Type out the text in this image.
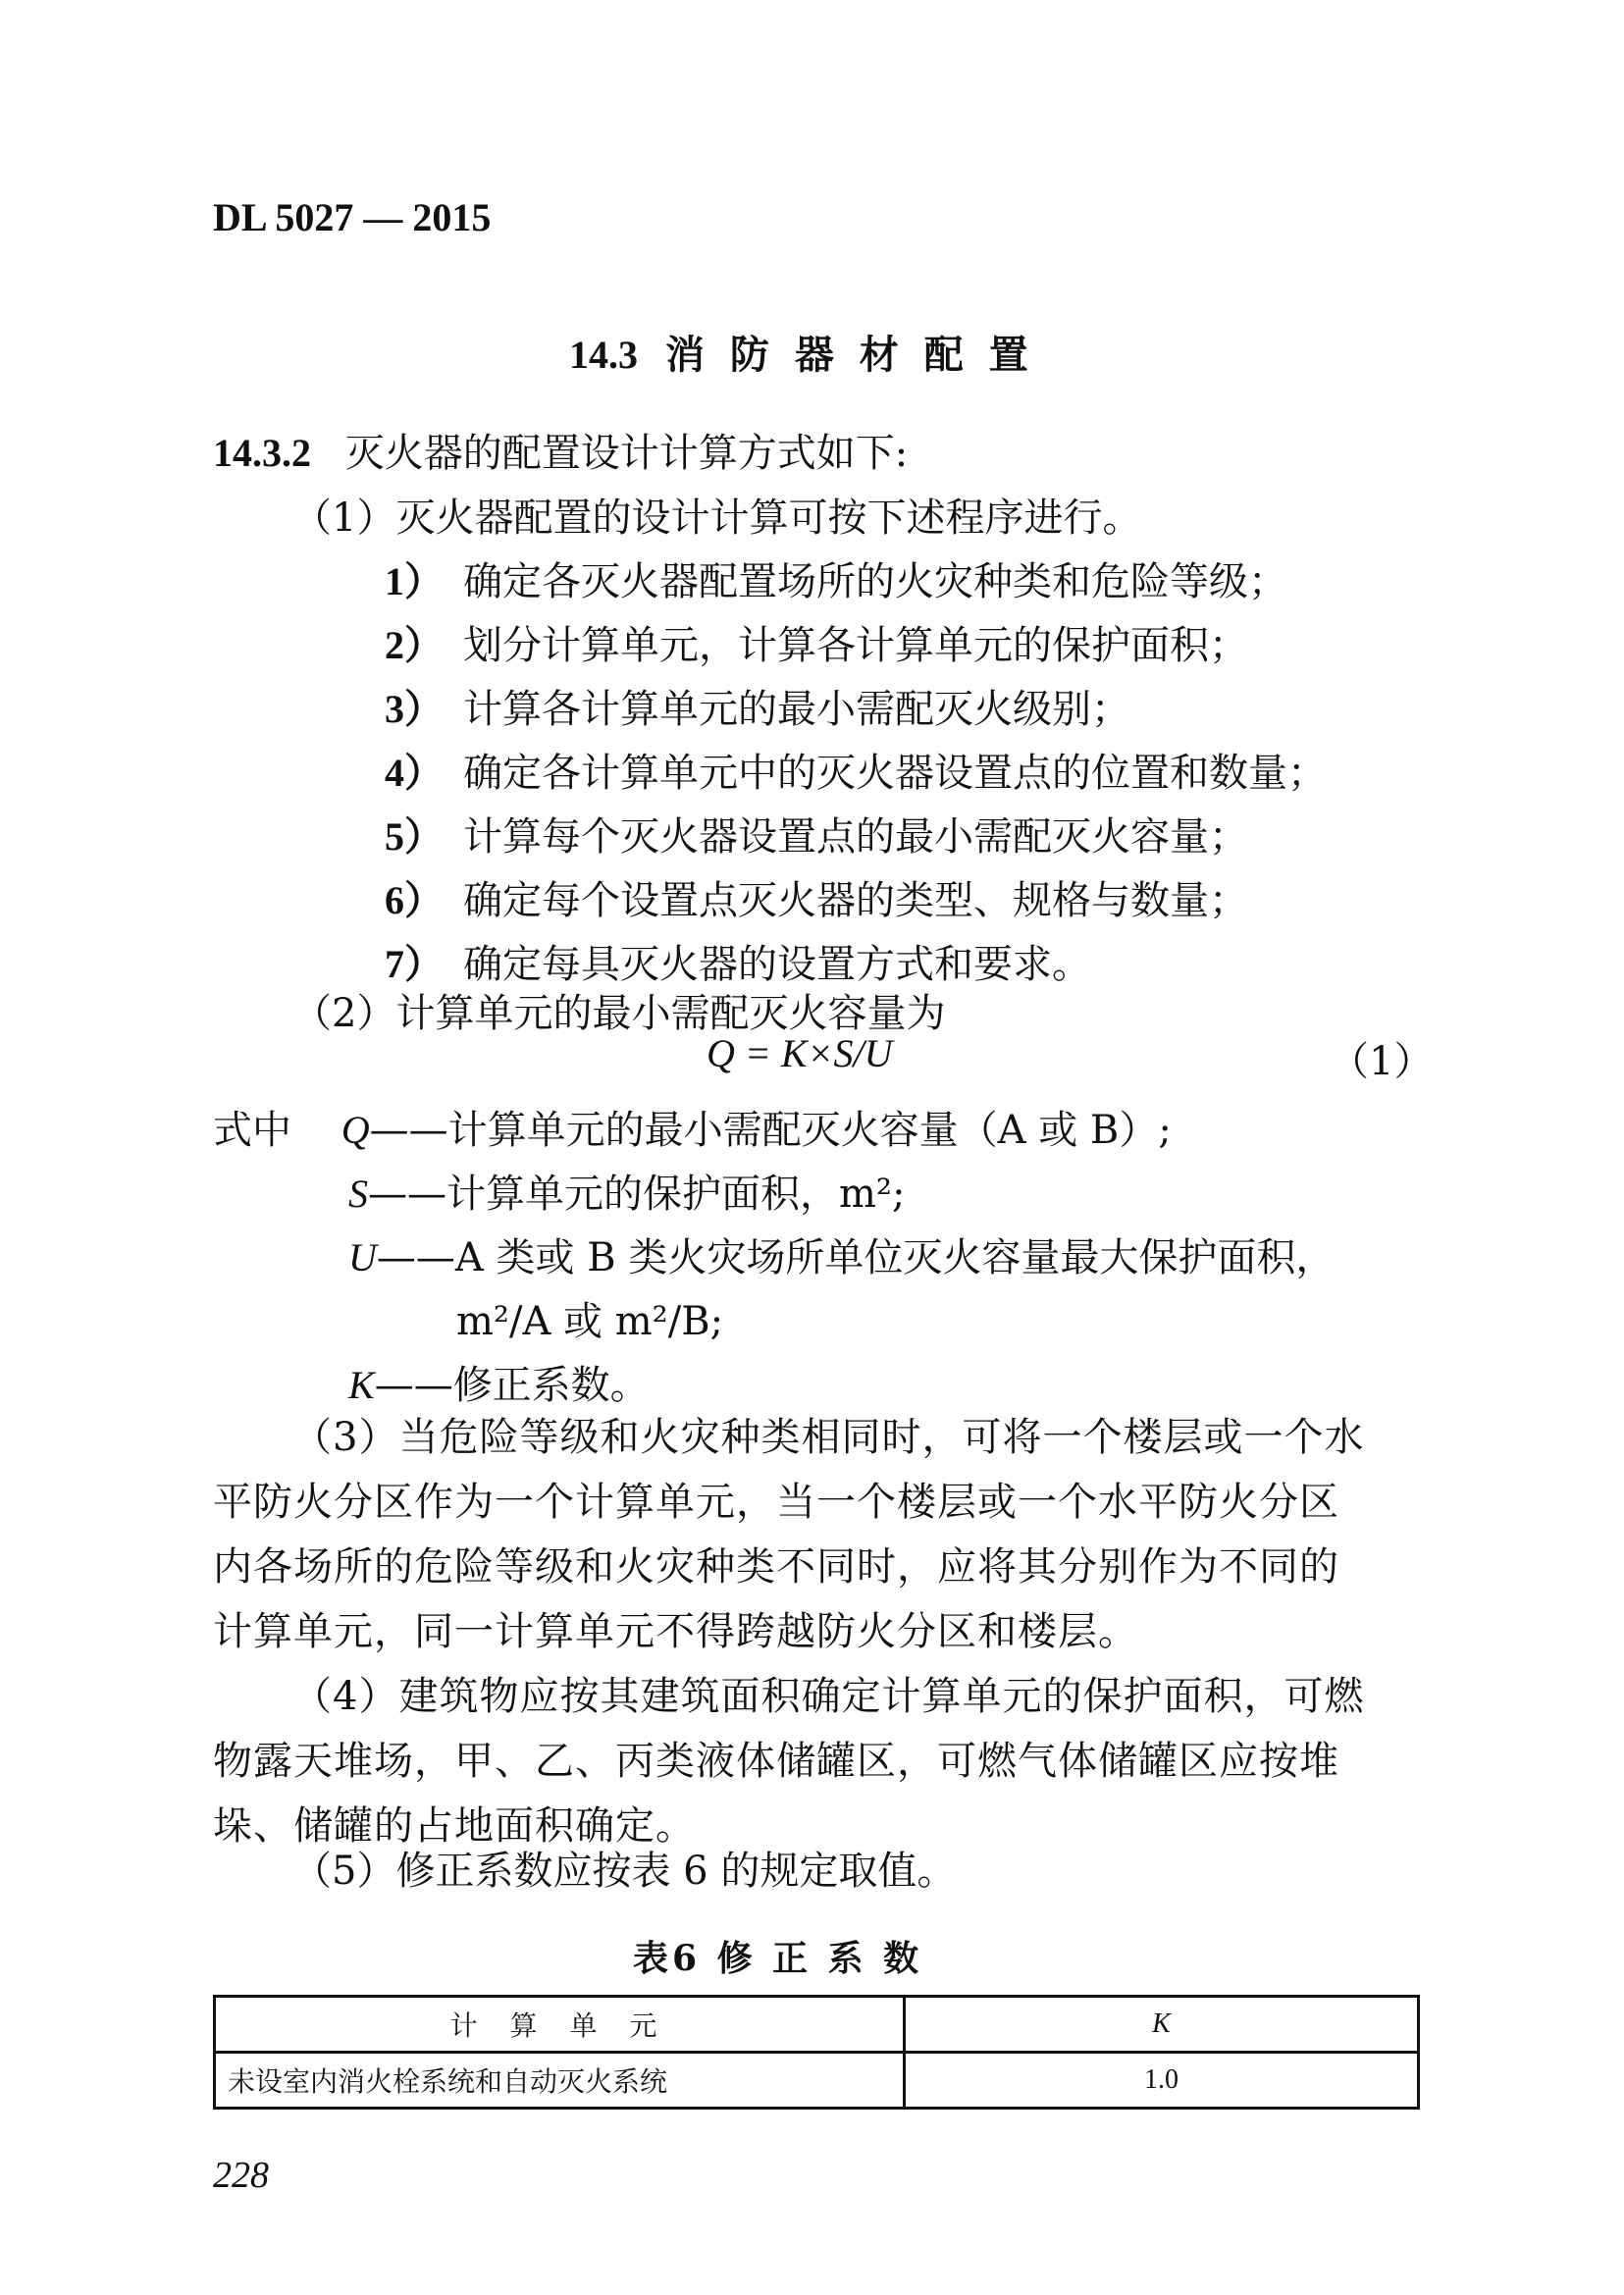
DL 5027 — 2015
14.3 消 防 器 材 配 置
14.3.2 灭火器的配置设计计算方式如下:
（1）灭火器配置的设计计算可按下述程序进行。
1） 确定各灭火器配置场所的火灾种类和危险等级；
2） 划分计算单元，计算各计算单元的保护面积；
3） 计算各计算单元的最小需配灭火级别；
4） 确定各计算单元中的灭火器设置点的位置和数量；
5） 计算每个灭火器设置点的最小需配灭火容量；
6） 确定每个设置点灭火器的类型、规格与数量；
7） 确定每具灭火器的设置方式和要求。
（2）计算单元的最小需配灭火容量为
Q = K×S/U	（1）
式中 Q——计算单元的最小需配灭火容量（A 或 B）;
S——计算单元的保护面积，m²;
U——A 类或 B 类火灾场所单位灭火容量最大保护面积，
m²/A 或 m²/B;
K——修正系数。
（3）当危险等级和火灾种类相同时，可将一个楼层或一个水
平防火分区作为一个计算单元，当一个楼层或一个水平防火分区
内各场所的危险等级和火灾种类不同时，应将其分别作为不同的
计算单元，同一计算单元不得跨越防火分区和楼层。
（4）建筑物应按其建筑面积确定计算单元的保护面积，可燃
物露天堆场，甲、乙、丙类液体储罐区，可燃气体储罐区应按堆
垛、储罐的占地面积确定。
（5）修正系数应按表 6 的规定取值。
表6 修 正 系 数
计 算 单 元	K
未设室内消火栓系统和自动灭火系统	1.0
228
